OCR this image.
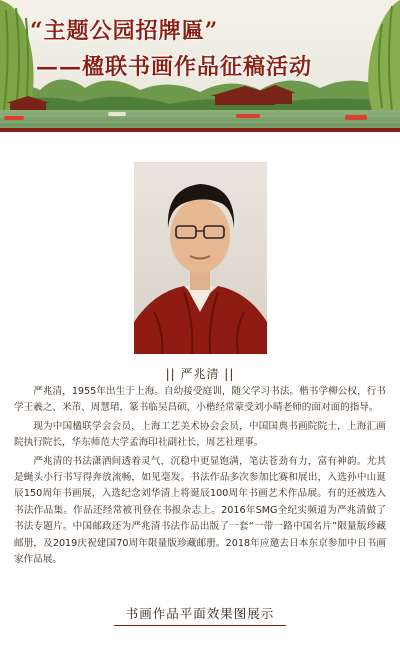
“主题公园招牌匾”
——楹联书画作品征稿活动
|| 严兆清 ||

严兆清，1955年出生于上海。自幼接受庭训，随父学习书法。楷书学柳公权，行书学王羲之、米芾、周慧珺，篆书临吴昌硕，小楷经常蒙受刘小晴老师的面对面的指导。

现为中国楹联学会会员，上海工艺美术协会会员，中国国典书画院院士，上海汇画院执行院长，华东师范大学孟海印社副社长，周艺社理事。

严兆清的书法潇洒间透着灵气，沉稳中更显饱满，笔法苍劲有力，富有神韵。尤其是蝇头小行书写得奔放流畅，如见毫发。书法作品多次参加比赛和展出，入选孙中山诞辰150周年书画展，入选纪念刘华清上将诞辰100周年书画艺术作品展。有的还被选入书法作品集。作品还经常被刊登在书报杂志上。2016年SMG全纪实频道为严兆清做了书法专题片。中国邮政还为严兆清书法作品出版了一套“一带一路中国名片”限量版珍藏邮册，及2019庆祝建国70周年限量版珍藏邮册。2018年应邀去日本东京参加中日书画家作品展。

书画作品平面效果图展示
